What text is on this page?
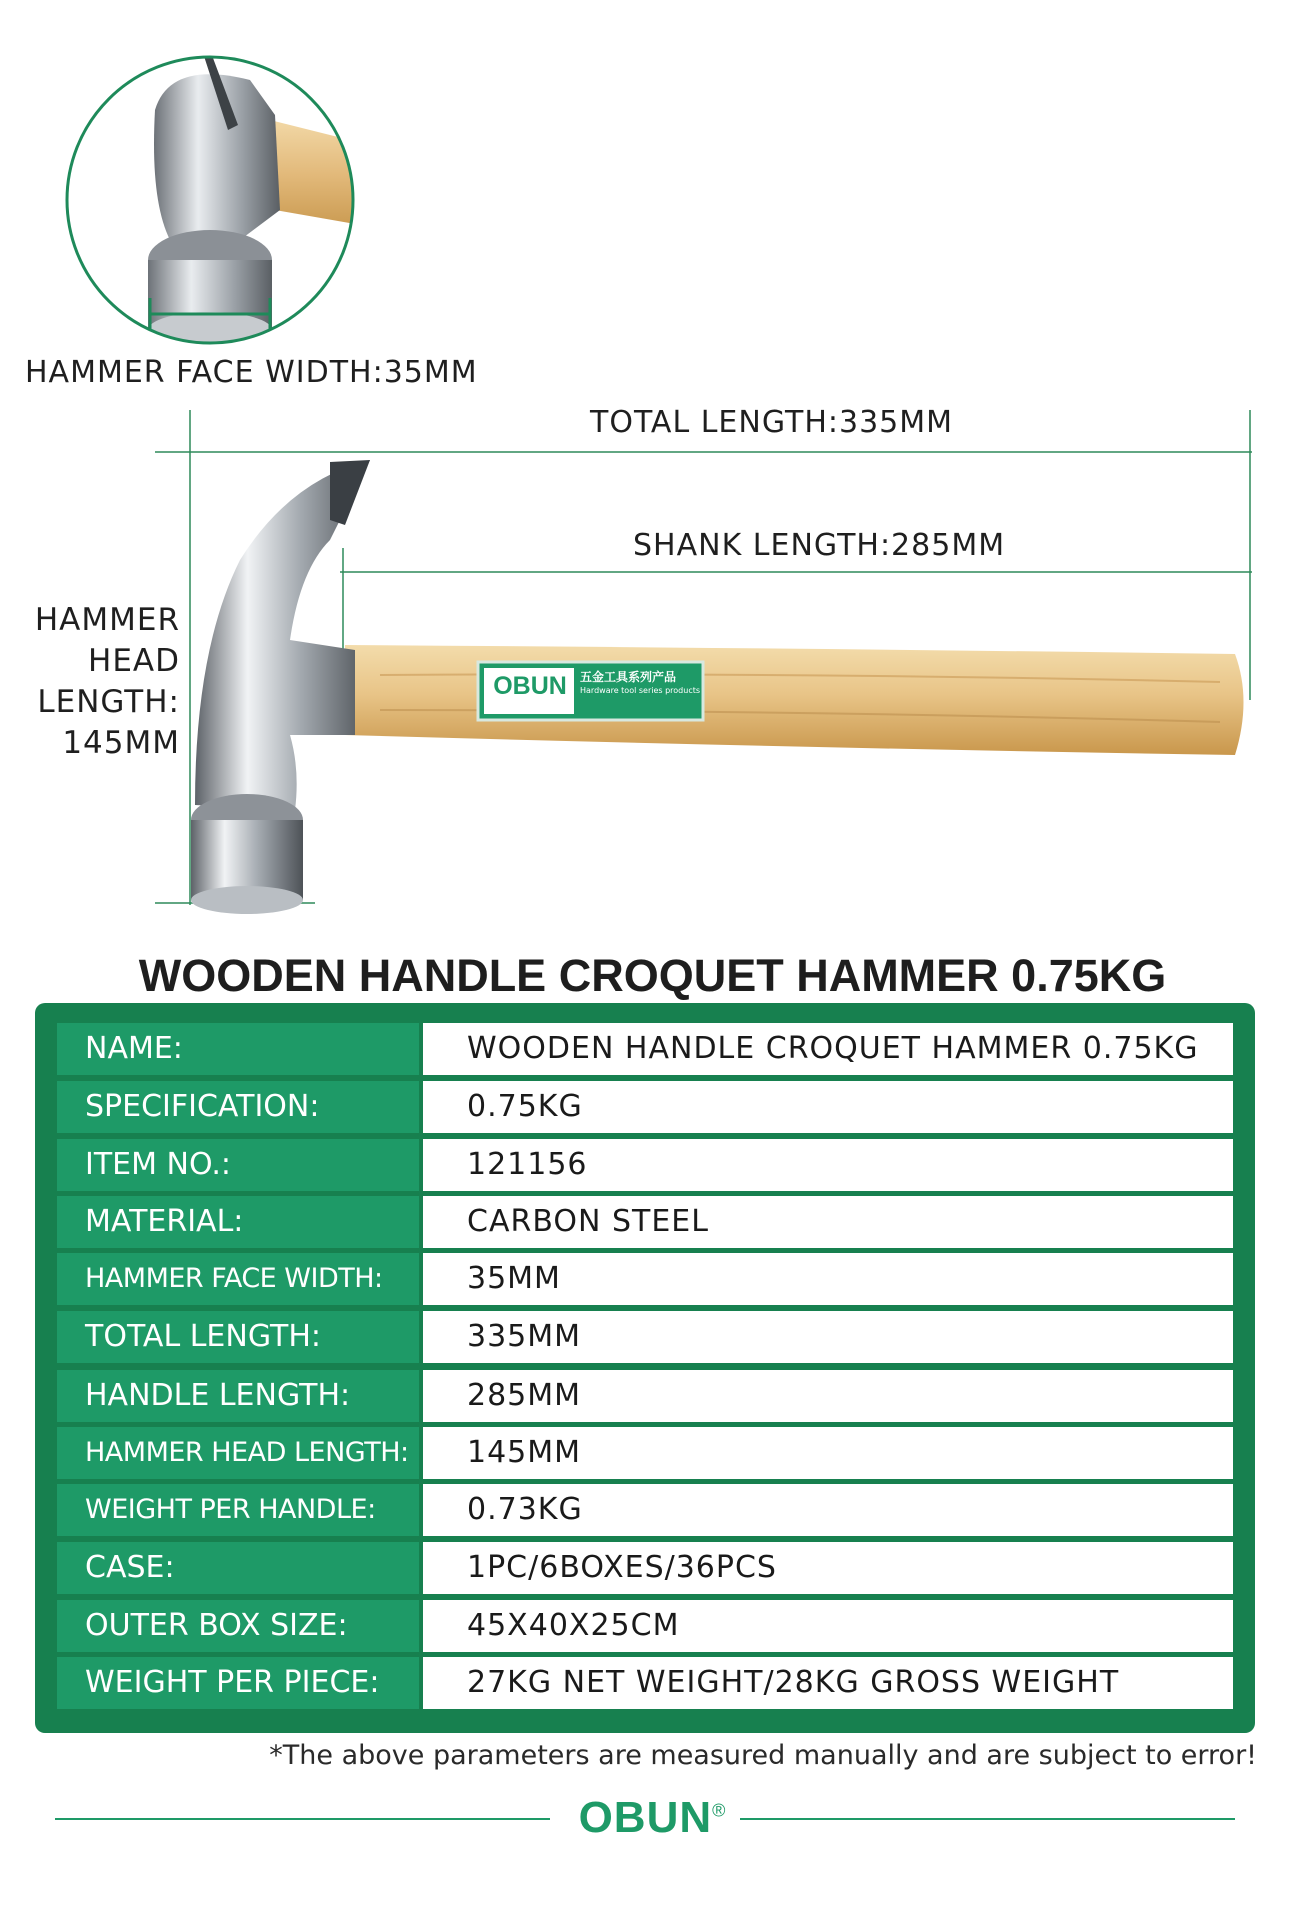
HAMMER FACE WIDTH:35MM
TOTAL LENGTH:335MM
SHANK LENGTH:285MM
HAMMER
HEAD
LENGTH:
145MM
OBUN	五金工具系列产品
Hardware tool series products
WOODEN HANDLE CROQUET HAMMER 0.75KG
NAME:	WOODEN HANDLE CROQUET HAMMER 0.75KG
SPECIFICATION:	0.75KG
ITEM NO.:	121156
MATERIAL:	CARBON STEEL
HAMMER FACE WIDTH:	35MM
TOTAL LENGTH:	335MM
HANDLE LENGTH:	285MM
HAMMER HEAD LENGTH:	145MM
WEIGHT PER HANDLE:	0.73KG
CASE:	1PC/6BOXES/36PCS
OUTER BOX SIZE:	45X40X25CM
WEIGHT PER PIECE:	27KG NET WEIGHT/28KG GROSS WEIGHT
*The above parameters are measured manually and are subject to error!
OBUN®
